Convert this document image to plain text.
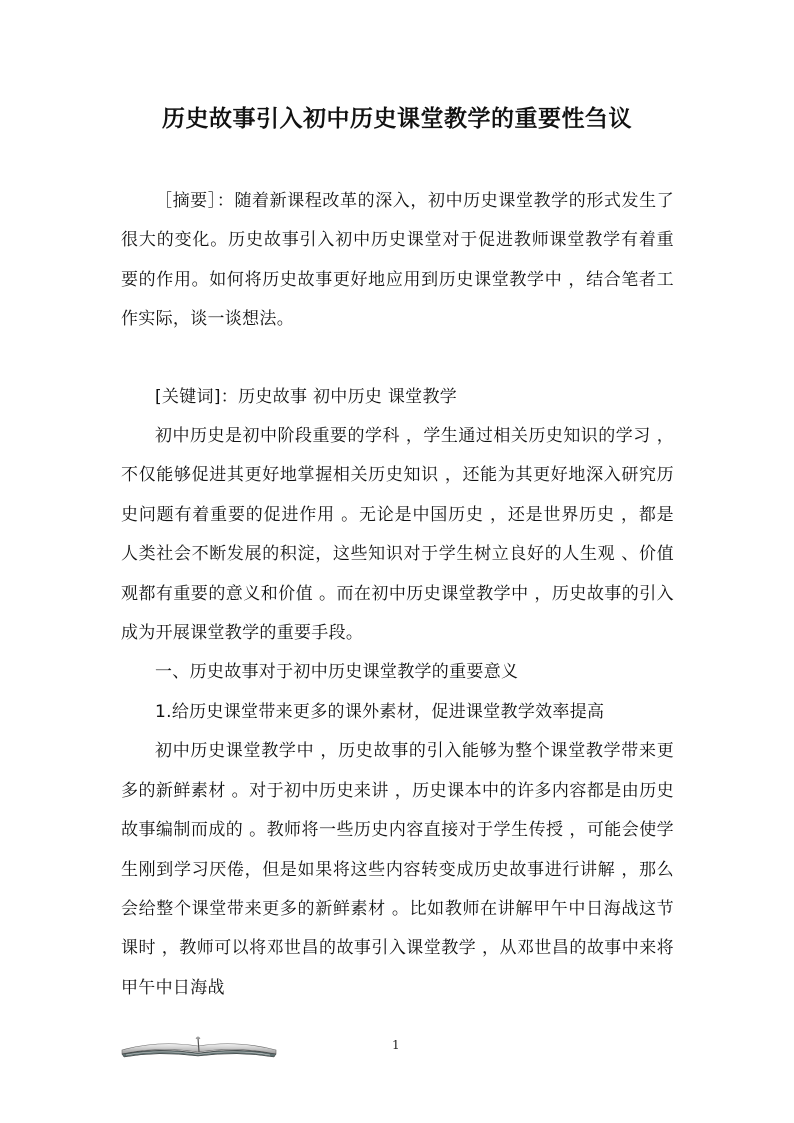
历史故事引入初中历史课堂教学的重要性刍议

［摘要］：随着新课程改革的深入，初中历史课堂教学的形式发生了很大的变化。历史故事引入初中历史课堂对于促进教师课堂教学有着重要的作用。如何将历史故事更好地应用到历史课堂教学中 ，结合笔者工作实际，谈一谈想法。

[关键词]：历史故事 初中历史 课堂教学

初中历史是初中阶段重要的学科 ，学生通过相关历史知识的学习 ，不仅能够促进其更好地掌握相关历史知识 ，还能为其更好地深入研究历史问题有着重要的促进作用 。无论是中国历史 ，还是世界历史 ，都是人类社会不断发展的积淀，这些知识对于学生树立良好的人生观 、价值观都有重要的意义和价值 。而在初中历史课堂教学中 ，历史故事的引入成为开展课堂教学的重要手段。

一、历史故事对于初中历史课堂教学的重要意义

1.给历史课堂带来更多的课外素材，促进课堂教学效率提高

初中历史课堂教学中 ，历史故事的引入能够为整个课堂教学带来更多的新鲜素材 。对于初中历史来讲 ，历史课本中的许多内容都是由历史故事编制而成的 。教师将一些历史内容直接对于学生传授 ，可能会使学生刚到学习厌倦，但是如果将这些内容转变成历史故事进行讲解 ，那么会给整个课堂带来更多的新鲜素材 。比如教师在讲解甲午中日海战这节课时 ，教师可以将邓世昌的故事引入课堂教学 ，从邓世昌的故事中来将甲午中日海战

1
